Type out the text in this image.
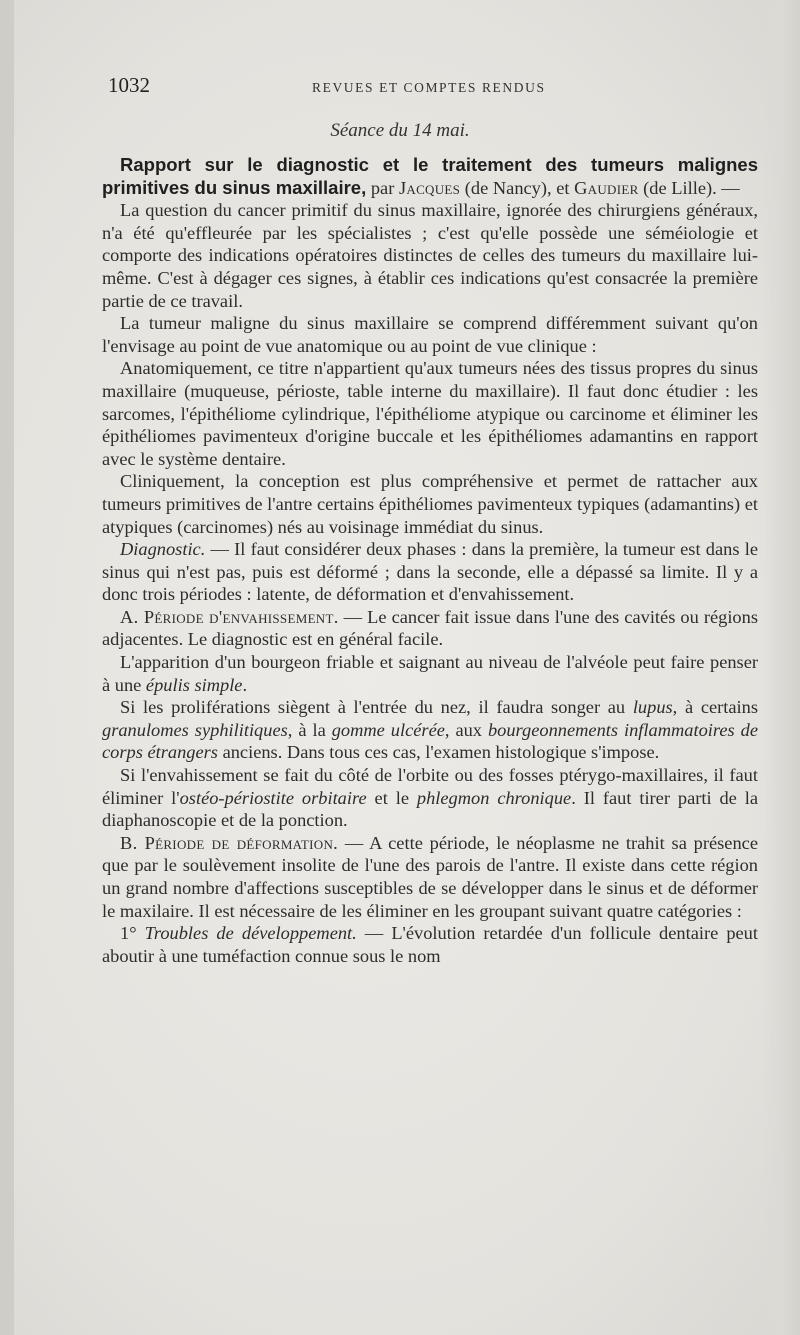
1032	REVUES ET COMPTES RENDUS
Séance du 14 mai.

Rapport sur le diagnostic et le traitement des tumeurs malignes primitives du sinus maxillaire, par Jacques (de Nancy), et Gaudier (de Lille). —

La question du cancer primitif du sinus maxillaire, ignorée des chirurgiens généraux, n'a été qu'effleurée par les spécialistes ; c'est qu'elle possède une séméiologie et comporte des indications opératoires distinctes de celles des tumeurs du maxillaire lui-même. C'est à dégager ces signes, à établir ces indications qu'est consacrée la première partie de ce travail.

La tumeur maligne du sinus maxillaire se comprend différemment suivant qu'on l'envisage au point de vue anatomique ou au point de vue clinique :

Anatomiquement, ce titre n'appartient qu'aux tumeurs nées des tissus propres du sinus maxillaire (muqueuse, périoste, table interne du maxillaire). Il faut donc étudier : les sarcomes, l'épithéliome cylindrique, l'épithéliome atypique ou carcinome et éliminer les épithéliomes pavimenteux d'origine buccale et les épithéliomes adamantins en rapport avec le système dentaire.

Cliniquement, la conception est plus compréhensive et permet de rattacher aux tumeurs primitives de l'antre certains épithéliomes pavimenteux typiques (adamantins) et atypiques (carcinomes) nés au voisinage immédiat du sinus.

Diagnostic. — Il faut considérer deux phases : dans la première, la tumeur est dans le sinus qui n'est pas, puis est déformé ; dans la seconde, elle a dépassé sa limite. Il y a donc trois périodes : latente, de déformation et d'envahissement.

A. Période d'envahissement. — Le cancer fait issue dans l'une des cavités ou régions adjacentes. Le diagnostic est en général facile.

L'apparition d'un bourgeon friable et saignant au niveau de l'alvéole peut faire penser à une épulis simple.

Si les proliférations siègent à l'entrée du nez, il faudra songer au lupus, à certains granulomes syphilitiques, à la gomme ulcérée, aux bourgeonnements inflammatoires de corps étrangers anciens. Dans tous ces cas, l'examen histologique s'impose.

Si l'envahissement se fait du côté de l'orbite ou des fosses ptérygo-maxillaires, il faut éliminer l'ostéo-périostite orbitaire et le phlegmon chronique. Il faut tirer parti de la diaphanoscopie et de la ponction.

B. Période de déformation. — A cette période, le néoplasme ne trahit sa présence que par le soulèvement insolite de l'une des parois de l'antre. Il existe dans cette région un grand nombre d'affections susceptibles de se développer dans le sinus et de déformer le maxilaire. Il est nécessaire de les éliminer en les groupant suivant quatre catégories :

1° Troubles de développement. — L'évolution retardée d'un follicule dentaire peut aboutir à une tuméfaction connue sous le nom
